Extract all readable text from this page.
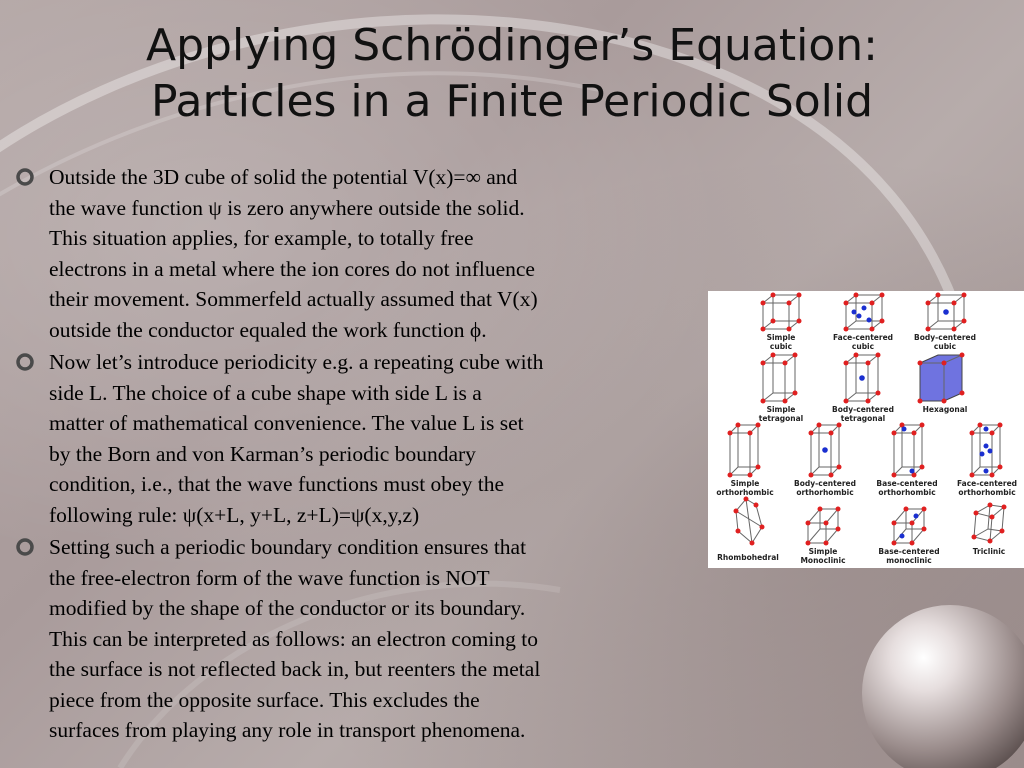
Applying Schrödinger’s Equation:
Particles in a Finite Periodic Solid
Outside the 3D cube of solid the potential V(x)=∞ and
the wave function ψ is zero anywhere outside the solid.
This situation applies, for example, to totally free
electrons in a metal where the ion cores do not influence
their movement. Sommerfeld actually assumed that V(x)
outside the conductor equaled the work function ϕ.
Now let’s introduce periodicity e.g. a repeating cube with
side L. The choice of a cube shape with side L is a
matter of mathematical convenience. The value L is set
by the Born and von Karman’s periodic boundary
condition, i.e., that the wave functions must obey the
following rule: ψ(x+L, y+L, z+L)=ψ(x,y,z)
Setting such a periodic boundary condition ensures that
the free-electron form of the wave function is NOT
modified by the shape of the conductor or its boundary.
This can be interpreted as follows: an electron coming to
the surface is not reflected back in, but reenters the metal
piece from the opposite surface. This excludes the
surfaces from playing any role in transport phenomena.
Simple
cubic
Face-centered
cubic
Body-centered
cubic
Simple
tetragonal
Body-centered
tetragonal
Hexagonal
Simple
orthorhombic
Body-centered
orthorhombic
Base-centered
orthorhombic
Face-centered
orthorhombic
Rhombohedral
Simple
Monoclinic
Base-centered
monoclinic
Triclinic
